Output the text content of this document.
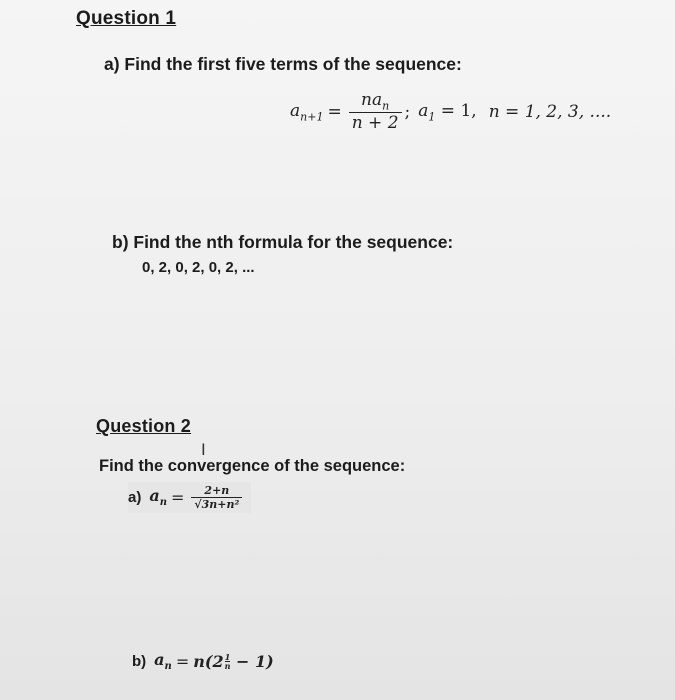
Question 1
a) Find the first five terms of the sequence:
$a_{n+1} = \frac{na_n}{n + 2}$ ; $a_1 = 1$, n = 1, 2, 3, ....
b) Find the nth formula for the sequence:
0, 2, 0, 2, 0, 2, ...
Question 2
I
Find the convergence of the sequence:
a) $a_n = \frac{2+n}{\text{√3n+n²}}$
b) $a_n = n(2 \frac{1}{n} - 1)$
